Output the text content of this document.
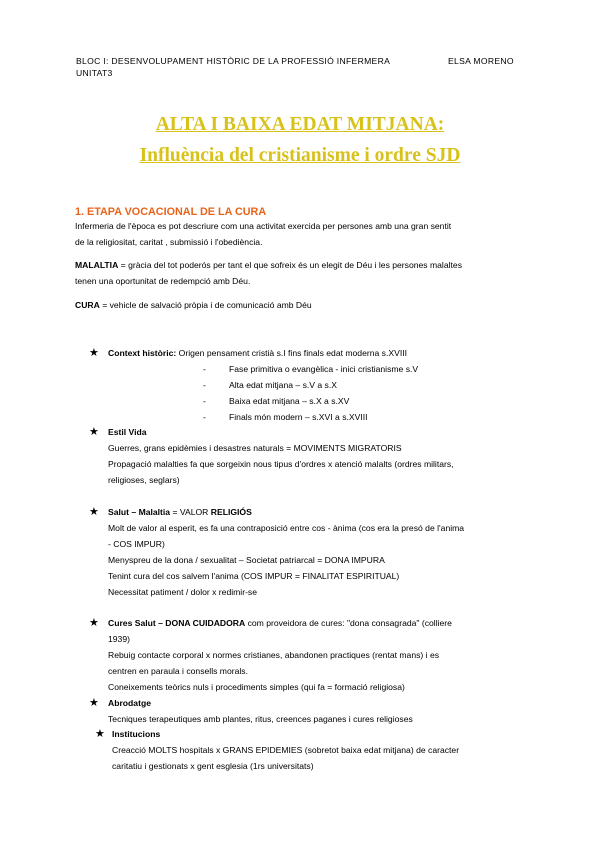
BLOC I: DESENVOLUPAMENT HISTÒRIC DE LA PROFESSIÓ INFERMERA	ELSA MORENO
UNITAT3
ALTA I BAIXA EDAT MITJANA:
Influència del cristianisme i ordre SJD
1. ETAPA VOCACIONAL DE LA CURA
Infermeria de l'època es pot descriure com una activitat exercida per persones amb una gran sentit
de la religiositat, caritat , submissió i l'obediència.
MALALTIA = gràcia del tot poderós per tant el que sofreix és un elegit de Déu i les persones malaltes
tenen una oportunitat de redempció amb Déu.
CURA = vehicle de salvació pròpia i de comunicació amb Déu
★ Context històric: Origen pensament cristià s.I fins finals edat moderna s.XVIII
-	Fase primitiva o evangèlica - inici cristianisme s.V
-	Alta edat mitjana – s.V a s.X
-	Baixa edat mitjana – s.X a s.XV
-	Finals món modern – s.XVI a s.XVIII
★ Estil Vida
Guerres, grans epidèmies i desastres naturals = MOVIMENTS MIGRATORIS
Propagació malalties fa que sorgeixin nous tipus d'ordres x atenció malalts (ordres militars,
religioses, seglars)
★ Salut – Malaltia = VALOR RELIGIÓS
Molt de valor al esperit, es fa una contraposició entre cos - ànima (cos era la presó de l'anima
- COS IMPUR)
Menyspreu de la dona / sexualitat – Societat patriarcal = DONA IMPURA
Tenint cura del cos salvem l'anima (COS IMPUR = FINALITAT ESPIRITUAL)
Necessitat patiment / dolor x redimir-se
★ Cures Salut – DONA CUIDADORA com proveidora de cures: "dona consagrada" (colliere
1939)
Rebuig contacte corporal x normes cristianes, abandonen practiques (rentat mans) i es
centren en paraula i consells morals.
Coneixements teòrics nuls i procediments simples (qui fa = formació religiosa)
★ Abrodatge
Tecniques terapeutiques amb plantes, ritus, creences paganes i cures religioses
★ Institucions
Creacció MOLTS hospitals x GRANS EPIDEMIES (sobretot baixa edat mitjana) de caracter
caritatiu i gestionats x gent esglesia (1rs universitats)
